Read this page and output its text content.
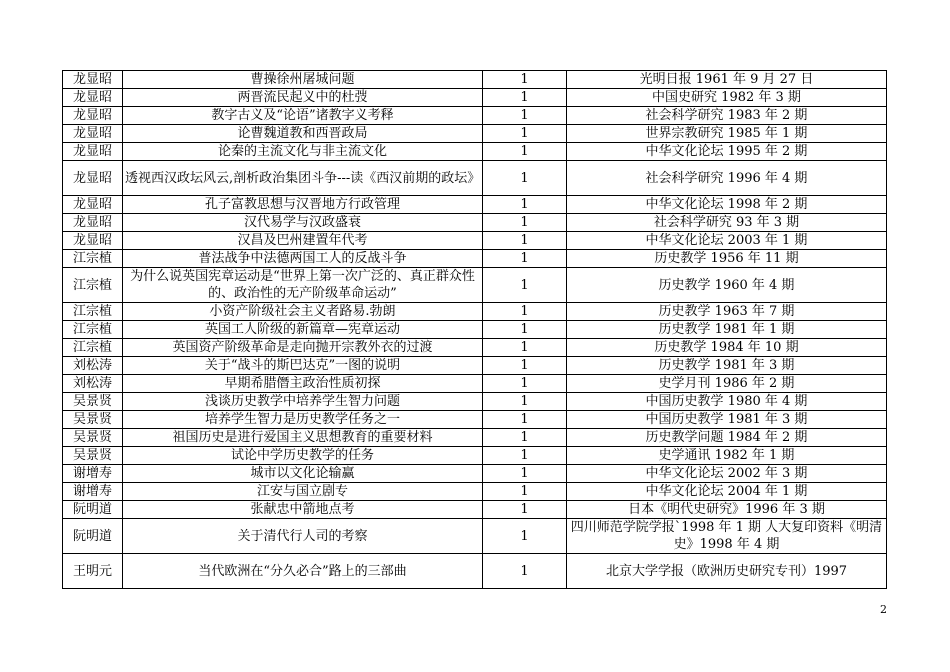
龙显昭	曹操徐州屠城问题	1	光明日报 1961 年 9 月 27 日
龙显昭	两晋流民起义中的杜弢	1	中国史研究 1982 年 3 期
龙显昭	教字古义及“论语”诸教字义考释	1	社会科学研究 1983 年 2 期
龙显昭	论曹魏道教和西晋政局	1	世界宗教研究 1985 年 1 期
龙显昭	论秦的主流文化与非主流文化	1	中华文化论坛 1995 年 2 期
龙显昭	透视西汉政坛风云,剖析政治集团斗争---读《西汉前期的政坛》	1	社会科学研究 1996 年 4 期
龙显昭	孔子富教思想与汉晋地方行政管理	1	中华文化论坛 1998 年 2 期
龙显昭	汉代易学与汉政盛衰	1	社会科学研究 93 年 3 期
龙显昭	汉昌及巴州建置年代考	1	中华文化论坛 2003 年 1 期
江宗植	普法战争中法德两国工人的反战斗争	1	历史教学 1956 年 11 期
江宗植	为什么说英国宪章运动是“世界上第一次广泛的、真正群众性的、政治性的无产阶级革命运动”	1	历史教学 1960 年 4 期
江宗植	小资产阶级社会主义者路易.勃朗	1	历史教学 1963 年 7 期
江宗植	英国工人阶级的新篇章—宪章运动	1	历史教学 1981 年 1 期
江宗植	英国资产阶级革命是走向抛开宗教外衣的过渡	1	历史教学 1984 年 10 期
刘松涛	关于“战斗的斯巴达克”一图的说明	1	历史教学 1981 年 3 期
刘松涛	早期希腊僭主政治性质初探	1	史学月刊 1986 年 2 期
吴景贤	浅谈历史教学中培养学生智力问题	1	中国历史教学 1980 年 4 期
吴景贤	培养学生智力是历史教学任务之一	1	中国历史教学 1981 年 3 期
吴景贤	祖国历史是进行爱国主义思想教育的重要材料	1	历史教学问题 1984 年 2 期
吴景贤	试论中学历史教学的任务	1	史学通讯 1982 年 1 期
谢增寿	城市以文化论输赢	1	中华文化论坛 2002 年 3 期
谢增寿	江安与国立剧专	1	中华文化论坛 2004 年 1 期
阮明道	张献忠中箭地点考	1	日本《明代史研究》1996 年 3 期
阮明道	关于清代行人司的考察	1	四川师范学院学报`1998 年 1 期 人大复印资料《明清史》1998 年 4 期
王明元	当代欧洲在“分久必合”路上的三部曲	1	北京大学学报（欧洲历史研究专刊）1997
2
